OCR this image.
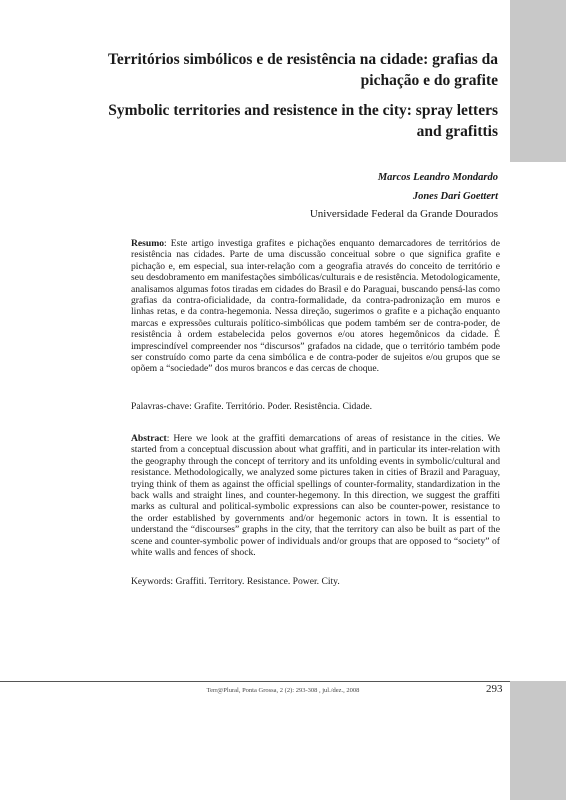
Territórios simbólicos e de resistência na cidade: grafias da pichação e do grafite
Symbolic territories and resistence in the city: spray letters and grafittis

Marcos Leandro Mondardo

Jones Dari Goettert

Universidade Federal da Grande Dourados

Resumo: Este artigo investiga grafites e pichações enquanto demarcadores de territórios de resistência nas cidades. Parte de uma discussão conceitual sobre o que significa grafite e pichação e, em especial, sua inter-relação com a geografia através do conceito de território e seu desdobramento em manifestações simbólicas/culturais e de resistência. Metodologicamente, analisamos algumas fotos tiradas em cidades do Brasil e do Paraguai, buscando pensá-las como grafias da contra-oficialidade, da contra-formalidade, da contra-padronização em muros e linhas retas, e da contra-hegemonia. Nessa direção, sugerimos o grafite e a pichação enquanto marcas e expressões culturais político-simbólicas que podem também ser de contra-poder, de resistência à ordem estabelecida pelos governos e/ou atores hegemônicos da cidade. É imprescindível compreender nos “discursos” grafados na cidade, que o território também pode ser construído como parte da cena simbólica e de contra-poder de sujeitos e/ou grupos que se opõem a “sociedade” dos muros brancos e das cercas de choque.

Palavras-chave: Grafite. Território. Poder. Resistência. Cidade.

Abstract: Here we look at the graffiti demarcations of areas of resistance in the cities. We started from a conceptual discussion about what graffiti, and in particular its inter-relation with the geography through the concept of territory and its unfolding events in symbolic/cultural and resistance. Methodologically, we analyzed some pictures taken in cities of Brazil and Paraguay, trying think of them as against the official spellings of counter-formality, standardization in the back walls and straight lines, and counter-hegemony. In this direction, we suggest the graffiti marks as cultural and political-symbolic expressions can also be counter-power, resistance to the order established by governments and/or hegemonic actors in town. It is essential to understand the “discourses” graphs in the city, that the territory can also be built as part of the scene and counter-symbolic power of individuals and/or groups that are opposed to “society” of white walls and fences of shock.

Keywords: Graffiti. Territory. Resistance. Power. City.

Terr@Plural, Ponta Grossa, 2 (2): 293-308 , jul./dez., 2008	293
